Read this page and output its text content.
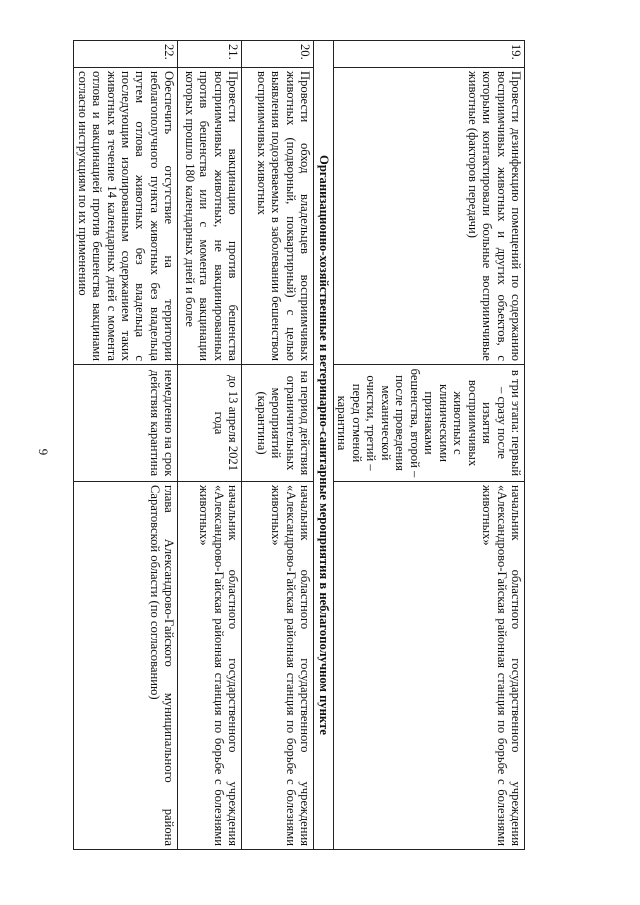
6
19.	Провести дезинфекцию помещений по содержанию восприимчивых животных и других объектов, с которыми контактировали больные восприимчивые животные (факторов передачи)	в три этапа: первый – сразу после изъятия восприимчивых животных с клиническими признаками бешенства, второй – после проведения механической очистки, третий – перед отменой карантина	начальник областного государственного учреждения «Александрово-Гайская районная станция по борьбе с болезнями животных»
Организационно-хозяйственные и ветеринарно-санитарные мероприятия в неблагополучном пункте			
20.	Провести обход владельцев восприимчивых животных (подворный, поквартирный) с целью выявления подозреваемых в заболевании бешенством восприимчивых животных	на период действия ограничительных мероприятий (карантина)	начальник областного государственного учреждения «Александрово-Гайская районная станция по борьбе с болезнями животных»
21.	Провести вакцинацию против бешенства восприимчивых животных, не вакцинированных против бешенства или с момента вакцинации которых прошло 180 календарных дней и более	до 13 апреля 2021 года	начальник областного государственного учреждения «Александрово-Гайская районная станция по борьбе с болезнями животных»
22.	Обеспечить отсутствие на территории неблагополучного пункта животных без владельца путем отлова животных без владельца с последующим изолированным содержанием таких животных в течение 14 календарных дней с момента отлова и вакцинацией против бешенства вакцинами согласно инструкциям по их применению	немедленно на срок действия карантина	глава Александрово-Гайского муниципального района Саратовской области (по согласованию)
